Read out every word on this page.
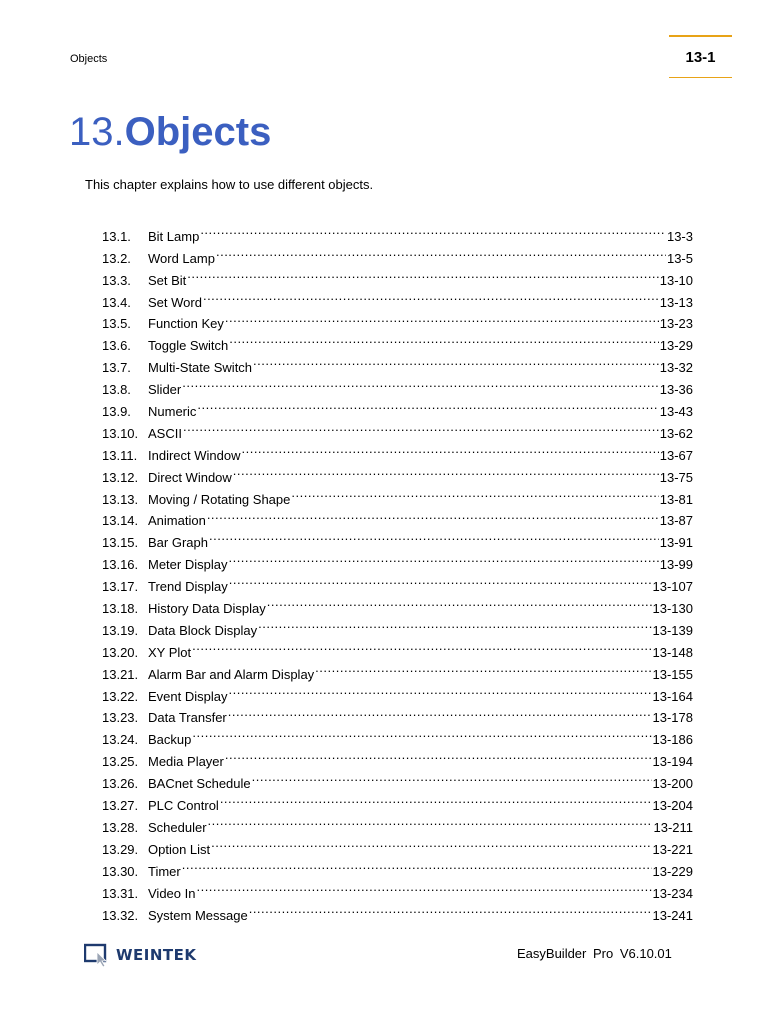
Objects	13-1
13.Objects
This chapter explains how to use different objects.
13.1.	Bit Lamp .....	13-3
13.2.	Word Lamp .....	13-5
13.3.	Set Bit .....	13-10
13.4.	Set Word .....	13-13
13.5.	Function Key .....	13-23
13.6.	Toggle Switch .....	13-29
13.7.	Multi-State Switch .....	13-32
13.8.	Slider .....	13-36
13.9.	Numeric .....	13-43
13.10. ASCII .....	13-62
13.11. Indirect Window .....	13-67
13.12. Direct Window .....	13-75
13.13. Moving / Rotating Shape .....	13-81
13.14. Animation .....	13-87
13.15. Bar Graph .....	13-91
13.16. Meter Display .....	13-99
13.17. Trend Display .....	13-107
13.18. History Data Display .....	13-130
13.19. Data Block Display .....	13-139
13.20. XY Plot .....	13-148
13.21. Alarm Bar and Alarm Display .....	13-155
13.22. Event Display .....	13-164
13.23. Data Transfer .....	13-178
13.24. Backup .....	13-186
13.25. Media Player .....	13-194
13.26. BACnet Schedule .....	13-200
13.27. PLC Control .....	13-204
13.28. Scheduler .....	13-211
13.29. Option List .....	13-221
13.30. Timer .....	13-229
13.31. Video In .....	13-234
13.32. System Message .....	13-241
WEINTEK	EasyBuilder Pro V6.10.01
